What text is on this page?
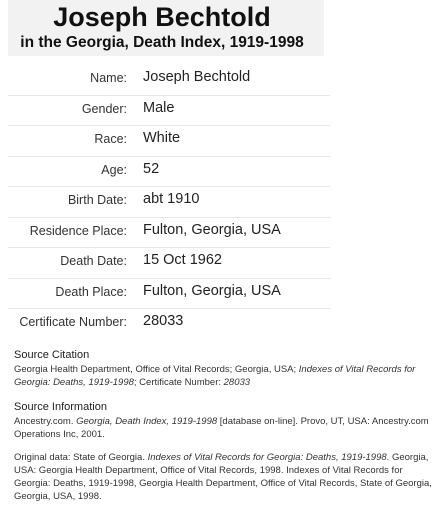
Joseph Bechtold
in the Georgia, Death Index, 1919-1998
Name: Joseph Bechtold
Gender: Male
Race: White
Age: 52
Birth Date: abt 1910
Residence Place: Fulton, Georgia, USA
Death Date: 15 Oct 1962
Death Place: Fulton, Georgia, USA
Certificate Number: 28033
Source Citation
Georgia Health Department, Office of Vital Records; Georgia, USA; Indexes of Vital Records for Georgia: Deaths, 1919-1998; Certificate Number: 28033
Source Information
Ancestry.com. Georgia, Death Index, 1919-1998 [database on-line]. Provo, UT, USA: Ancestry.com Operations Inc, 2001.
Original data: State of Georgia. Indexes of Vital Records for Georgia: Deaths, 1919-1998. Georgia, USA: Georgia Health Department, Office of Vital Records, 1998. Indexes of Vital Records for Georgia: Deaths, 1919-1998, Georgia Health Department, Office of Vital Records, State of Georgia, Georgia, USA, 1998.
